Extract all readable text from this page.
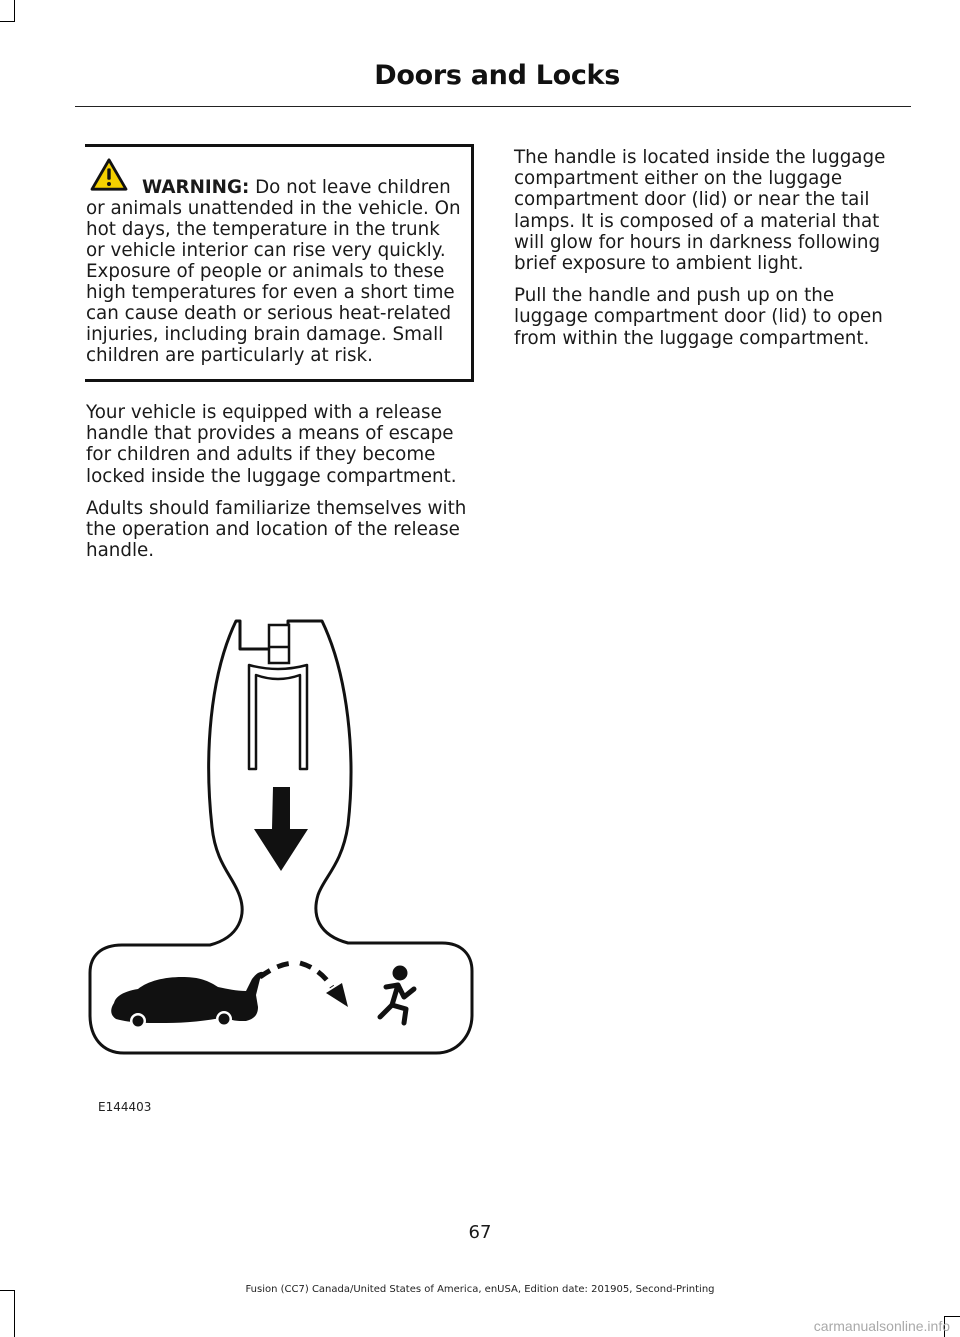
Doors and Locks
WARNING: Do not leave children or animals unattended in the vehicle. On hot days, the temperature in the trunk or vehicle interior can rise very quickly. Exposure of people or animals to these high temperatures for even a short time can cause death or serious heat-related injuries, including brain damage. Small children are particularly at risk.

Your vehicle is equipped with a release handle that provides a means of escape for children and adults if they become locked inside the luggage compartment.

Adults should familiarize themselves with the operation and location of the release handle.

The handle is located inside the luggage compartment either on the luggage compartment door (lid) or near the tail lamps. It is composed of a material that will glow for hours in darkness following brief exposure to ambient light.

Pull the handle and push up on the luggage compartment door (lid) to open from within the luggage compartment.

E144403
67
Fusion (CC7) Canada/United States of America, enUSA, Edition date: 201905, Second-Printing
carmanualsonline.info
